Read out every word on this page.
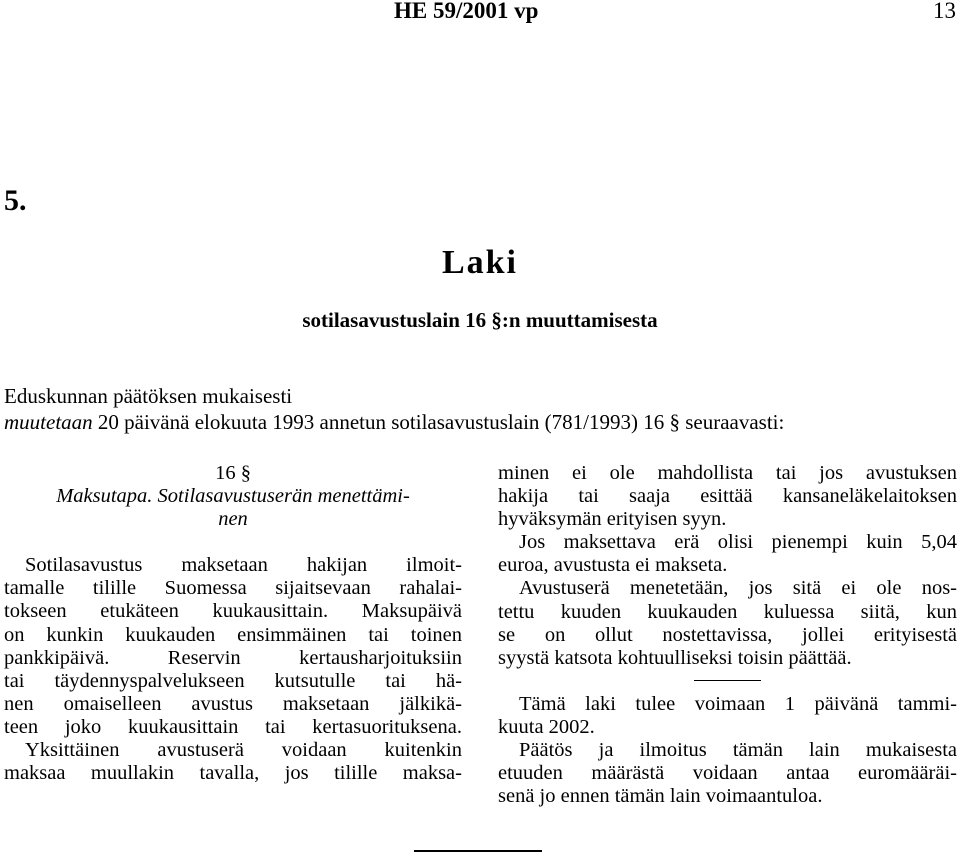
HE 59/2001 vp	13
5.
Laki
sotilasavustuslain 16 §:n muuttamisesta
Eduskunnan päätöksen mukaisesti
muutetaan 20 päivänä elokuuta 1993 annetun sotilasavustuslain (781/1993) 16 § seuraavasti:
16 §
Maksutapa. Sotilasavustuserän menettämi-
nen
Sotilasavustus maksetaan hakijan ilmoit-
tamalle tilille Suomessa sijaitsevaan rahalai-
tokseen etukäteen kuukausittain. Maksupäivä
on kunkin kuukauden ensimmäinen tai toinen
pankkipäivä. Reservin kertausharjoituksiin
tai täydennyspalvelukseen kutsutulle tai hä-
nen omaiselleen avustus maksetaan jälkikä-
teen joko kuukausittain tai kertasuorituksena.
Yksittäinen avustuserä voidaan kuitenkin
maksaa muullakin tavalla, jos tilille maksa-
minen ei ole mahdollista tai jos avustuksen
hakija tai saaja esittää kansaneläkelaitoksen
hyväksymän erityisen syyn.
Jos maksettava erä olisi pienempi kuin 5,04
euroa, avustusta ei makseta.
Avustuserä menetetään, jos sitä ei ole nos-
tettu kuuden kuukauden kuluessa siitä, kun
se on ollut nostettavissa, jollei erityisestä
syystä katsota kohtuulliseksi toisin päättää.
Tämä laki tulee voimaan 1 päivänä tammi-
kuuta 2002.
Päätös ja ilmoitus tämän lain mukaisesta
etuuden määrästä voidaan antaa euromääräi-
senä jo ennen tämän lain voimaantuloa.
